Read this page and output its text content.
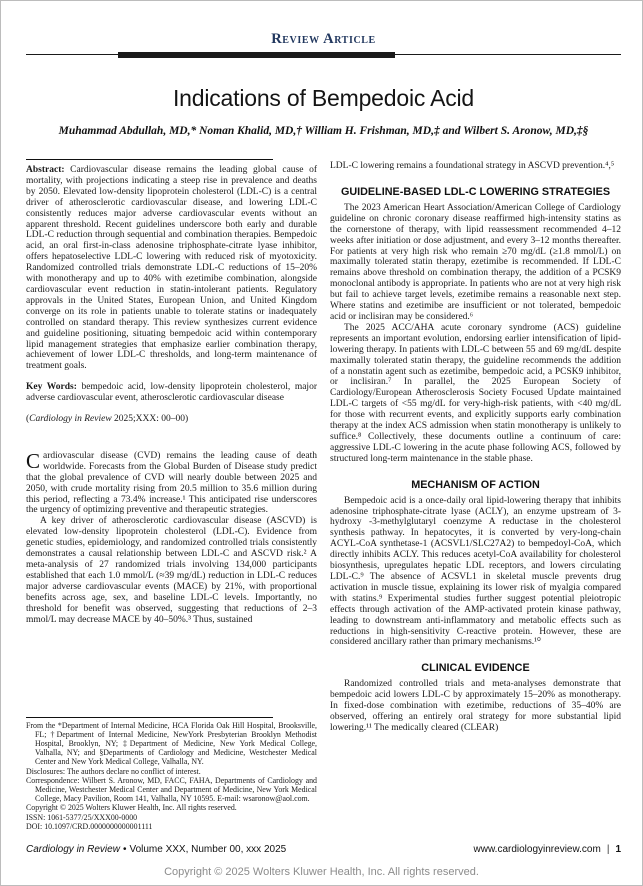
Review Article
Indications of Bempedoic Acid
Muhammad Abdullah, MD,* Noman Khalid, MD,† William H. Frishman, MD,‡ and Wilbert S. Aronow, MD,‡§

Abstract: Cardiovascular disease remains the leading global cause of mortality, with projections indicating a steep rise in prevalence and deaths by 2050. Elevated low-density lipoprotein cholesterol (LDL-C) is a central driver of atherosclerotic cardiovascular disease, and lowering LDL-C consistently reduces major adverse cardiovascular events without an apparent threshold. Recent guidelines underscore both early and durable LDL-C reduction through sequential and combination therapies. Bempedoic acid, an oral first-in-class adenosine triphosphate-citrate lyase inhibitor, offers hepatoselective LDL-C lowering with reduced risk of myotoxicity. Randomized controlled trials demonstrate LDL-C reductions of 15–20% with monotherapy and up to 40% with ezetimibe combination, alongside cardiovascular event reduction in statin-intolerant patients. Regulatory approvals in the United States, European Union, and United Kingdom converge on its role in patients unable to tolerate statins or inadequately controlled on standard therapy. This review synthesizes current evidence and guideline positioning, situating bempedoic acid within contemporary lipid management strategies that emphasize earlier combination therapy, achievement of lower LDL-C thresholds, and long-term maintenance of treatment goals.

Key Words: bempedoic acid, low-density lipoprotein cholesterol, major adverse cardiovascular event, atherosclerotic cardiovascular disease

(Cardiology in Review 2025;XXX: 00–00)

Cardiovascular disease (CVD) remains the leading cause of death worldwide. Forecasts from the Global Burden of Disease study predict that the global prevalence of CVD will nearly double between 2025 and 2050, with crude mortality rising from 20.5 million to 35.6 million during this period, reflecting a 73.4% increase.¹ This anticipated rise underscores the urgency of optimizing preventive and therapeutic strategies.

A key driver of atherosclerotic cardiovascular disease (ASCVD) is elevated low-density lipoprotein cholesterol (LDL-C). Evidence from genetic studies, epidemiology, and randomized controlled trials consistently demonstrates a causal relationship between LDL-C and ASCVD risk.² A meta-analysis of 27 randomized trials involving 134,000 participants established that each 1.0 mmol/L (≈39 mg/dL) reduction in LDL-C reduces major adverse cardiovascular events (MACE) by 21%, with proportional benefits across age, sex, and baseline LDL-C levels. Importantly, no threshold for benefit was observed, suggesting that reductions of 2–3 mmol/L may decrease MACE by 40–50%.³ Thus, sustained

From the *Department of Internal Medicine, HCA Florida Oak Hill Hospital, Brooksville, FL; †Department of Internal Medicine, NewYork Presbyterian Brooklyn Methodist Hospital, Brooklyn, NY; ‡Department of Medicine, New York Medical College, Valhalla, NY; and §Departments of Cardiology and Medicine, Westchester Medical Center and New York Medical College, Valhalla, NY.

Disclosures: The authors declare no conflict of interest.

Correspondence: Wilbert S. Aronow, MD, FACC, FAHA, Departments of Cardiology and Medicine, Westchester Medical Center and Department of Medicine, New York Medical College, Macy Pavilion, Room 141, Valhalla, NY 10595. E-mail: wsaronow@aol.com.

Copyright © 2025 Wolters Kluwer Health, Inc. All rights reserved.

ISSN: 1061-5377/25/XXX00-0000

DOI: 10.1097/CRD.0000000000001111

LDL-C lowering remains a foundational strategy in ASCVD prevention.⁴,⁵

GUIDELINE-BASED LDL-C LOWERING STRATEGIES

The 2023 American Heart Association/American College of Cardiology guideline on chronic coronary disease reaffirmed high-intensity statins as the cornerstone of therapy, with lipid reassessment recommended 4–12 weeks after initiation or dose adjustment, and every 3–12 months thereafter. For patients at very high risk who remain ≥70 mg/dL (≥1.8 mmol/L) on maximally tolerated statin therapy, ezetimibe is recommended. If LDL-C remains above threshold on combination therapy, the addition of a PCSK9 monoclonal antibody is appropriate. In patients who are not at very high risk but fail to achieve target levels, ezetimibe remains a reasonable next step. Where statins and ezetimibe are insufficient or not tolerated, bempedoic acid or inclisiran may be considered.⁶

The 2025 ACC/AHA acute coronary syndrome (ACS) guideline represents an important evolution, endorsing earlier intensification of lipid-lowering therapy. In patients with LDL-C between 55 and 69 mg/dL despite maximally tolerated statin therapy, the guideline recommends the addition of a nonstatin agent such as ezetimibe, bempedoic acid, a PCSK9 inhibitor, or inclisiran.⁷ In parallel, the 2025 European Society of Cardiology/European Atherosclerosis Society Focused Update maintained LDL-C targets of <55 mg/dL for very-high-risk patients, with <40 mg/dL for those with recurrent events, and explicitly supports early combination therapy at the index ACS admission when statin monotherapy is unlikely to suffice.⁸ Collectively, these documents outline a continuum of care: aggressive LDL-C lowering in the acute phase following ACS, followed by structured long-term maintenance in the stable phase.

MECHANISM OF ACTION

Bempedoic acid is a once-daily oral lipid-lowering therapy that inhibits adenosine triphosphate-citrate lyase (ACLY), an enzyme upstream of 3-hydroxy -3-methylglutaryl coenzyme A reductase in the cholesterol synthesis pathway. In hepatocytes, it is converted by very-long-chain ACYL-CoA synthetase-1 (ACSVL1/SLC27A2) to bempedoyl-CoA, which directly inhibits ACLY. This reduces acetyl-CoA availability for cholesterol biosynthesis, upregulates hepatic LDL receptors, and lowers circulating LDL-C.⁹ The absence of ACSVL1 in skeletal muscle prevents drug activation in muscle tissue, explaining its lower risk of myalgia compared with statins.⁹ Experimental studies further suggest potential pleiotropic effects through activation of the AMP-activated protein kinase pathway, leading to downstream anti-inflammatory and metabolic effects such as reductions in high-sensitivity C-reactive protein. However, these are considered ancillary rather than primary mechanisms.¹⁰

CLINICAL EVIDENCE

Randomized controlled trials and meta-analyses demonstrate that bempedoic acid lowers LDL-C by approximately 15–20% as monotherapy. In fixed-dose combination with ezetimibe, reductions of 35–40% are observed, offering an entirely oral strategy for more substantial lipid lowering.¹¹ The medically cleared (CLEAR)

Cardiology in Review • Volume XXX, Number 00, xxx 2025	www.cardiologyinreview.com | 1
Copyright © 2025 Wolters Kluwer Health, Inc. All rights reserved.
